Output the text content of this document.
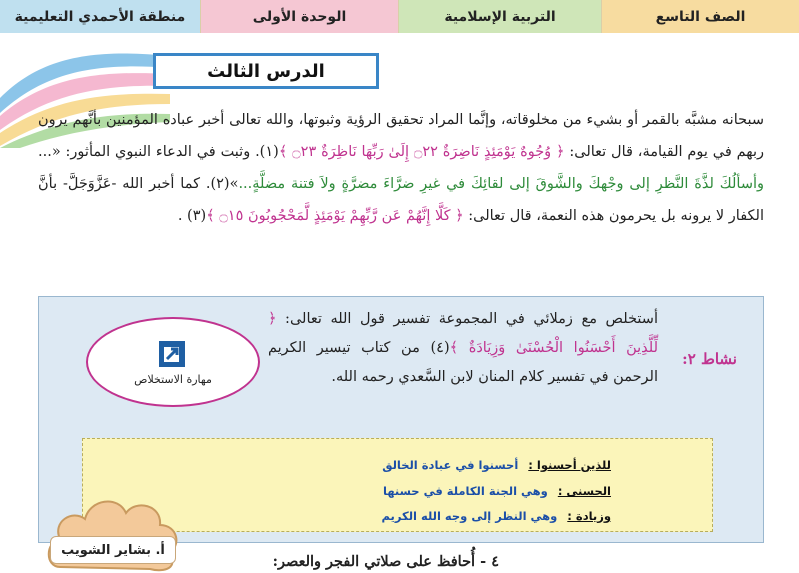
الصف التاسع
التربية الإسلامية
الوحدة الأولى
منطقة الأحمدي التعليمية
الدرس الثالث
سبحانه مشبَّه بالقمر أو بشيء من مخلوقاته، وإنَّما المراد تحقيق الرؤية وثبوتها، والله تعالى أخبر عباده المؤمنين بأنَّهم يرون ربهم في يوم القيامة، قال تعالى: ﴿ وُجُوهٌ يَوْمَئِذٍ نَاضِرَةٌ ۝٢٢ إِلَىٰ رَبِّهَا نَاظِرَةٌ ۝٢٣ ﴾(١). وثبت في الدعاء النبوي المأثور: «... وأسألُكَ لذَّةَ النَّظرِ إلى وجْهكَ والشَّوقَ إلى لقائِكَ في غيرِ ضرَّاءَ مضرَّةٍ ولاَ فتنة مضلَّةٍ...»(٢). كما أخبر الله -عَزَّوَجَلَّ- بأنَّ الكفار لا يرونه بل يحرمون هذه النعمة، قال تعالى: ﴿ كَلَّا إِنَّهُمْ عَن رَّبِّهِمْ يَوْمَئِذٍ لَّمَحْجُوبُونَ ۝١٥ ﴾(٣) .
نشاط ٢:
أستخلص مع زملائي في المجموعة تفسير قول الله تعالى: ﴿ لِّلَّذِينَ أَحْسَنُوا الْحُسْنَىٰ وَزِيَادَةٌ ﴾(٤) من كتاب تيسير الكريم الرحمن في تفسير كلام المنان لابن السَّعدي رحمه الله.
مهارة الاستخلاص
للذين أحسنوا :
أحسنوا في عبادة الخالق
الحسنى :
وهي الجنة الكاملة في حسنها
وزيادة :
وهي النظر إلى وجه الله الكريم
أ. بشاير الشويب
٤ - أُحافظ على صلاتي الفجر والعصر:
